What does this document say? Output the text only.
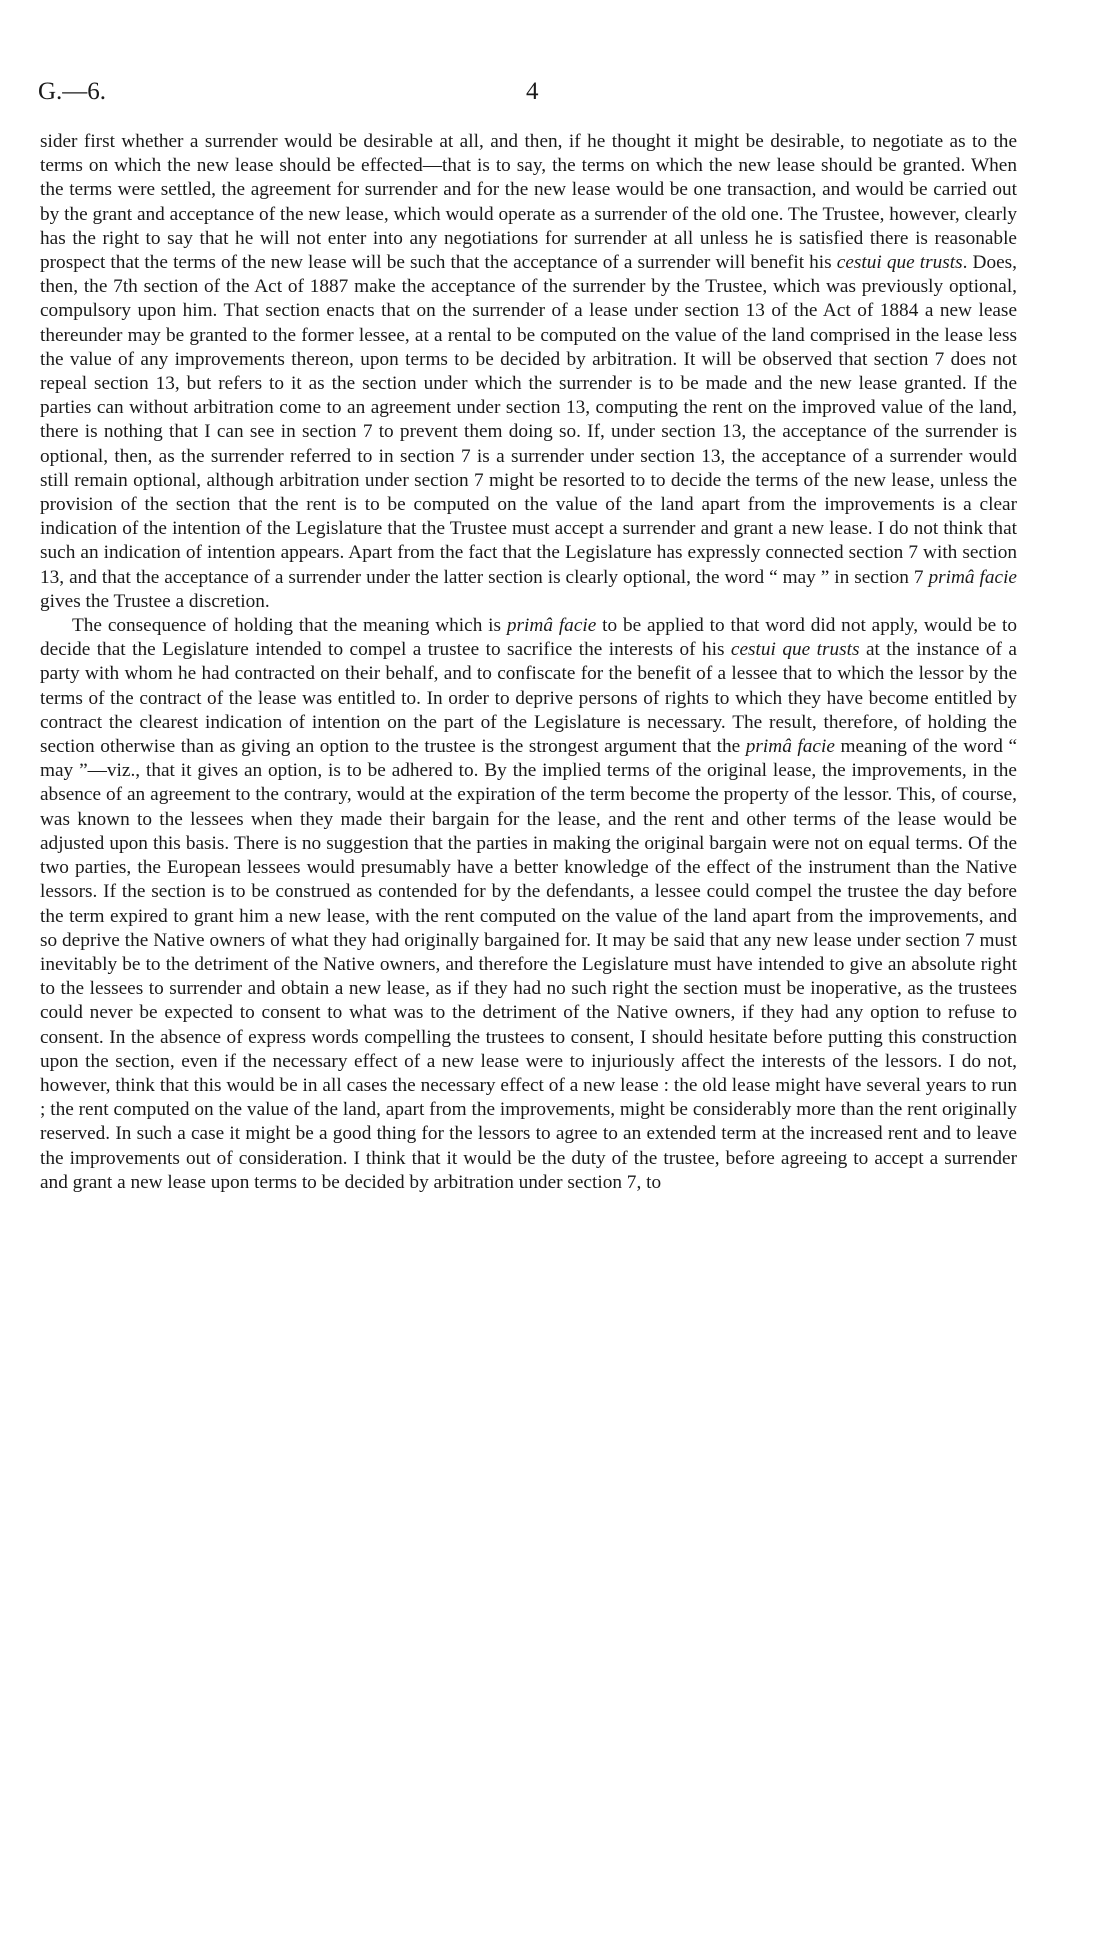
G.—6.	4

sider first whether a surrender would be desirable at all, and then, if he thought it might be desirable, to negotiate as to the terms on which the new lease should be effected—that is to say, the terms on which the new lease should be granted. When the terms were settled, the agreement for surrender and for the new lease would be one transaction, and would be carried out by the grant and acceptance of the new lease, which would operate as a surrender of the old one. The Trustee, however, clearly has the right to say that he will not enter into any negotiations for surrender at all unless he is satisfied there is reasonable prospect that the terms of the new lease will be such that the acceptance of a surrender will benefit his cestui que trusts. Does, then, the 7th section of the Act of 1887 make the acceptance of the surrender by the Trustee, which was previously optional, compulsory upon him. That section enacts that on the surrender of a lease under section 13 of the Act of 1884 a new lease thereunder may be granted to the former lessee, at a rental to be computed on the value of the land comprised in the lease less the value of any improvements thereon, upon terms to be decided by arbitration. It will be observed that section 7 does not repeal section 13, but refers to it as the section under which the surrender is to be made and the new lease granted. If the parties can without arbitration come to an agreement under section 13, computing the rent on the improved value of the land, there is nothing that I can see in section 7 to prevent them doing so. If, under section 13, the acceptance of the surrender is optional, then, as the surrender referred to in section 7 is a surrender under section 13, the acceptance of a surrender would still remain optional, although arbitration under section 7 might be resorted to to decide the terms of the new lease, unless the provision of the section that the rent is to be computed on the value of the land apart from the improvements is a clear indication of the intention of the Legislature that the Trustee must accept a surrender and grant a new lease. I do not think that such an indication of intention appears. Apart from the fact that the Legislature has expressly connected section 7 with section 13, and that the acceptance of a surrender under the latter section is clearly optional, the word “ may ” in section 7 primâ facie gives the Trustee a discretion.

The consequence of holding that the meaning which is primâ facie to be applied to that word did not apply, would be to decide that the Legislature intended to compel a trustee to sacrifice the interests of his cestui que trusts at the instance of a party with whom he had contracted on their behalf, and to confiscate for the benefit of a lessee that to which the lessor by the terms of the contract of the lease was entitled to. In order to deprive persons of rights to which they have become entitled by contract the clearest indication of intention on the part of the Legislature is necessary. The result, therefore, of holding the section otherwise than as giving an option to the trustee is the strongest argument that the primâ facie meaning of the word “ may ”—viz., that it gives an option, is to be adhered to. By the implied terms of the original lease, the improvements, in the absence of an agreement to the contrary, would at the expiration of the term become the property of the lessor. This, of course, was known to the lessees when they made their bargain for the lease, and the rent and other terms of the lease would be adjusted upon this basis. There is no suggestion that the parties in making the original bargain were not on equal terms. Of the two parties, the European lessees would presumably have a better knowledge of the effect of the instrument than the Native lessors. If the section is to be construed as contended for by the defendants, a lessee could compel the trustee the day before the term expired to grant him a new lease, with the rent computed on the value of the land apart from the improvements, and so deprive the Native owners of what they had originally bargained for. It may be said that any new lease under section 7 must inevitably be to the detriment of the Native owners, and therefore the Legislature must have intended to give an absolute right to the lessees to surrender and obtain a new lease, as if they had no such right the section must be inoperative, as the trustees could never be expected to consent to what was to the detriment of the Native owners, if they had any option to refuse to consent. In the absence of express words compelling the trustees to consent, I should hesitate before putting this construction upon the section, even if the necessary effect of a new lease were to injuriously affect the interests of the lessors. I do not, however, think that this would be in all cases the necessary effect of a new lease : the old lease might have several years to run ; the rent computed on the value of the land, apart from the improvements, might be considerably more than the rent originally reserved. In such a case it might be a good thing for the lessors to agree to an extended term at the increased rent and to leave the improvements out of consideration. I think that it would be the duty of the trustee, before agreeing to accept a surrender and grant a new lease upon terms to be decided by arbitration under section 7, to
